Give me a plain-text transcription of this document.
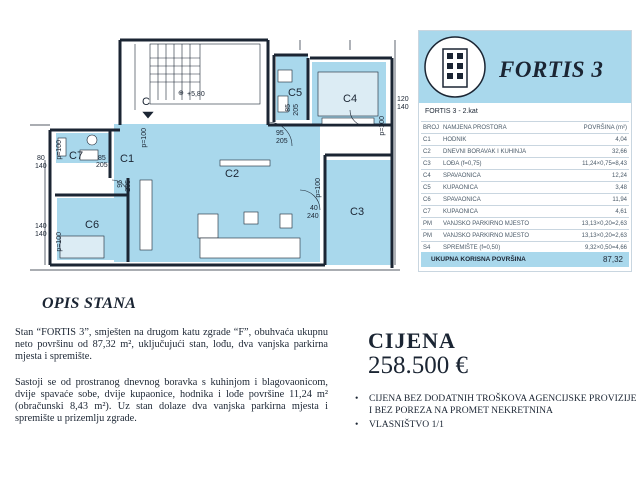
C
C1
C2
C3
C4
C5
C6
C7
⊕ +5,80
120
140
80
140
140
140
p=100
p=100
p=100
p=100
p=100
85
205
85 205
95
205
95 205
40
240
FORTIS 3
FORTIS 3 - 2.kat
BROJ	NAMJENA PROSTORA	POVRŠINA (m²)
C1	HODNIK	4,04
C2	DNEVNI BORAVAK I KUHINJA	32,66
C3	LOĐA (f=0,75)	11,24×0,75=8,43
C4	SPAVAONICA	12,24
C5	KUPAONICA	3,48
C6	SPAVAONICA	11,94
C7	KUPAONICA	4,61
PM	VANJSKO PARKIRNO MJESTO	13,13×0,20=2,63
PM	VANJSKO PARKIRNO MJESTO	13,13×0,20=2,63
S4	SPREMIŠTE (f=0,50)	9,32×0,50=4,66
UKUPNA KORISNA POVRŠINA	87,32
OPIS STANA

Stan “FORTIS 3”, smješten na drugom katu zgrade “F”, obuhvaća ukupnu neto površinu od 87,32 m², uključujući stan, lođu, dva vanjska parkirna mjesta i spremište.

Sastoji se od prostranog dnevnog boravka s kuhinjom i blagovaonicom, dvije spavaće sobe, dvije kupaonice, hodnika i lođe površine 11,24 m² (obračunski 8,43 m²). Uz stan dolaze dva vanjska parkirna mjesta i spremište u prizemlju zgrade.

CIJENA
258.500 €
• CIJENA BEZ DODATNIH TROŠKOVA AGENCIJSKE PROVIZIJE I BEZ POREZA NA PROMET NEKRETNINA
• VLASNIŠTVO 1/1
